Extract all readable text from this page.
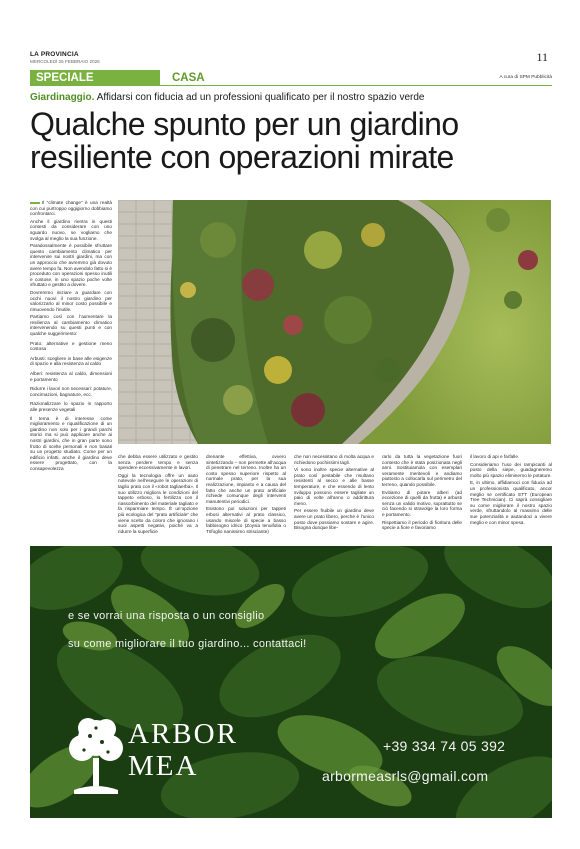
LA PROVINCIA
MERCOLEDÌ 25 FEBBRAIO 2026	11
SPECIALE	CASA	A cura di SPM Pubblicità
Giardinaggio. Affidarsi con fiducia ad un professioni qualificato per il nostro spazio verde
Qualche spunto per un giardino
resiliente con operazioni mirate

Il “climate change” è una realtà con cui purtroppo oggigiorno dobbiamo confrontarci.

Anche il giardino rientra in questi contesti da considerare con uno sguardo nuovo, se vogliamo che svolga al meglio la sua funzione.

Paradossalmente è possibile sfruttare questo cambiamento climatico per intervenire sui nostri giardini, ma con un approccio che avremmo già dovuto avere tempo fa. Non avendolo fatto si è proceduto con operazioni spesso inutili e costose, in uno spazio poche volte sfruttato e gestito a dovere.

Dovremmo iniziare a guardare con occhi nuovi il nostro giardino per valorizzarlo al minor costo possibile e rimuovendo l’inutile.

Partiamo così con l’aumentare la resilienza al cambiamento climatico intervenendo su questi punti e con qualche suggerimento:

Prato: alternative e gestione meno costosa

Arbusti: scegliere in base alle esigenze di spazio e alla resistenza al caldo

Alberi: resistenza al caldo, dimensioni e portamento

Ridurre i lavori non necessari: potature, concimazioni, bagnature, ecc.

Razionalizzare lo spazio in rapporto alle presenze vegetali

Il tema è di interesse come miglioramento e riqualificazione di un giardino non solo per i grandi parchi storici ma si può applicare anche ai nostri giardini, che in gran parte sono frutto di scelte personali e non basati su un progetto studiato. Come per un edificio infatti, anche il giardino deve essere progettato, con la consapevolezza

che debba essere utilizzato e gestito senza perdere tempo e senza spendere eccessivamente in lavori.

Oggi la tecnologia offre un aiuto notevole nell’eseguire le operazioni di taglio prato con il «robot tagliaerba». Il suo utilizzo migliora le condizioni del tappeto erboso, lo fertilizza con il riassorbimento del materiale tagliato e fa risparmiare tempo. È un’opzione più ecologica del “prato artificiale” che viene scelto da coloro che ignorano i suoi aspetti negativi, poiché va a ridurre la superficie

drenante effettiva, ovvero sintetizzando – non permette all’acqua di penetrare nel terreno. Inoltre ha un costo spesso superiore rispetto al normale prato, per la sua realizzazione, impianto e a causa del fatto che anche un prato artificiale richiede comunque degli interventi manutentivi periodici.

Esistono poi soluzioni per tappeti erbosi alternativi al prato classico, usando miscele di specie a basso fabbisogno idrico (Zoysia tenuifolia o Trifoglio nanissimo strisciante)

che non necessitano di molta acqua e richiedono pochissimi tagli.

Vi sono inoltre specie alternative al prato così pestabile che risultano resistenti al secco e alle basse temperature, e che essendo di lento sviluppo possono essere tagliate un paio di volte all’anno o addirittura meno.

Per essere fruibile un giardino deve avere un prato libero, perché è l’unico posto dove possiamo sostare e agire. Bisogna dunque libe-

rarlo da tutta la vegetazione fuori contesto che è stata posizionata negli anni. Sostituiamola con esemplari veramente meritevoli e andiamo piuttosto a collocarla sul perimetro del terreno, quando possibile.

Evitiamo di potare alberi (ad eccezione di quelli da frutta) e arbusti senza un valido motivo, soprattutto se ciò facendo si stravolge la loro forma e portamento.

Rispettiamo il periodo di fioritura delle specie a fiore e favoriamo

il lavoro di api e farfalle.

Consideriamo l’uso dei rampicanti al posto della siepe, guadagneremo molto più spazio eliminerno le potature.

E, in ultimo, affidiamoci con fiducia ad un professionista qualificato, ancor meglio se certificato ETT (European Tree Technician). Ci saprà consigliare su come migliorare il nostro spazio verde, sfruttandolo al massimo delle sue potenzialità e aiutandoci a vivere meglio e con minor spesa.

e se vorrai una risposta o un consiglio
su come migliorare il tuo giardino... contattaci!
ARBOR
MEA
+39 334 74 05 392
arbormeasrls@gmail.com
